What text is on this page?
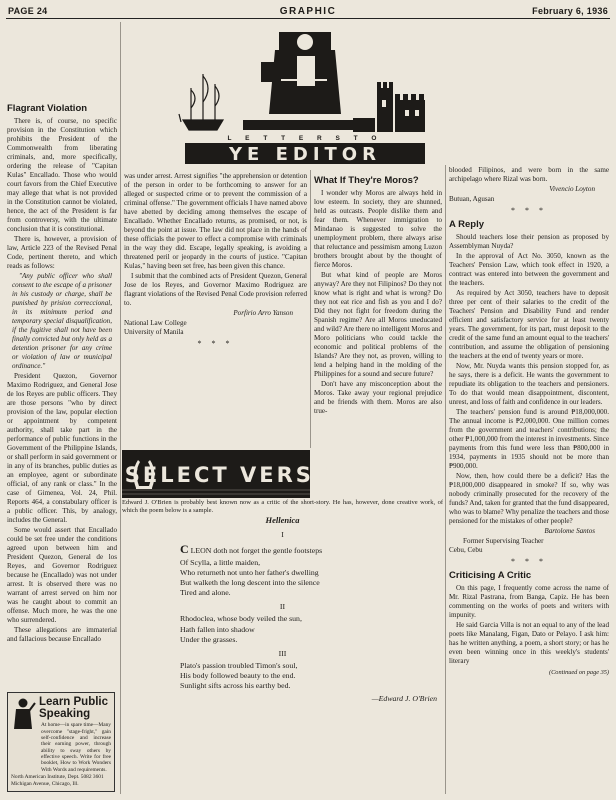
PAGE 24	GRAPHIC	February 6, 1936
L E T T E R S T O
YE EDITOR
Flagrant Violation

There is, of course, no specific provision in the Constitution which prohibits the President of the Commonwealth from liberating criminals, and, more specifically, ordering the release of "Capitan Kulas" Encallado. Those who would court favors from the Chief Executive may allege that what is not provided in the Constitution cannot be violated, hence, the act of the President is far from controversy, with the ultimate conclusion that it is constitutional.

There is, however, a provision of law, Article 223 of the Revised Penal Code, pertinent thereto, and which reads as follows:

"Any public officer who shall consent to the escape of a prisoner in his custody or charge, shall be punished by prision correccional, in its minimum period and temporary special disqualification, if the fugitive shall not have been finally convicted but only held as a detention prisoner for any crime or violation of law or municipal ordinance."

President Quezon, Governor Maximo Rodriguez, and General Jose de los Reyes are public officers. They are those persons "who by direct provision of the law, popular election or appointment by competent authority, shall take part in the performance of public functions in the Government of the Philippine Islands, or shall perform in said government or in any of its branches, public duties as an employee, agent or subordinate official, of any rank or class." In the case of Gimenea, Vol. 24, Phil. Reports 464, a constabulary officer is a public officer. This, by analogy, includes the General.

Some would assert that Encallado could be set free under the conditions agreed upon between him and President Quezon, General de los Reyes, and Governor Rodriguez because he (Encallado) was not under arrest. It is observed there was no warrant of arrest served on him nor was he caught about to commit an offense. Much more, he was the one who surrendered.

These allegations are immaterial and fallacious because Encallado

Learn Public
Speaking
At home—in spare time—Many overcome "stage-fright," gain self-confidence and increase their earning power, through ability to sway others by effective speech. Write for free booklet, How to Work Wonders With Words and requirements.
North American Institute, Dept. 5082 3601 Michigan Avenue, Chicago, Ill.

was under arrest. Arrest signifies "the apprehension or detention of the person in order to be forthcoming to answer for an alleged or suspected crime or to prevent the commission of a criminal offense." The government officials I have named above have abetted by deciding among themselves the escape of Encallado. Whether Encallado returns, as promised, or not, is beyond the point at issue. The law did not place in the hands of these officials the power to effect a compromise with criminals in the way they did. Escape, legally speaking, is avoiding a threatened peril or jeopardy in the courts of justice. "Capitan Kulas," having been set free, has been given this chance.

I submit that the combined acts of President Quezon, General Jose de los Reyes, and Governor Maximo Rodriguez are flagrant violations of the Revised Penal Code provision referred to.

Porfirio Arro Yanson
National Law College
University of Manila
* * *
What If They're Moros?

I wonder why Moros are always held in low esteem. In society, they are shunned, held as outcasts. People dislike them and fear them. Whenever immigration to Mindanao is suggested to solve the unemployment problem, there always arise that reluctance and pessimism among Luzon brothers brought about by the thought of fierce Moros.

But what kind of people are Moros anyway? Are they not Filipinos? Do they not know what is right and what is wrong? Do they not eat rice and fish as you and I do? Did they not fight for freedom during the Spanish regime? Are all Moros uneducated and wild? Are there no intelligent Moros and Moro politicians who could tackle the economic and political problems of the Islands? Are they not, as proven, willing to lend a helping hand in the molding of the Philippines for a sound and secure future?

Don't have any misconception about the Moros. Take away your regional prejudice and be friends with them. Moros are also true-

SELECT VERSE
Edward J. O'Brien is probably best known now as a critic of the short-story. He has, however, done creative work, of which the poem below is a sample.
Hellenica
I
C LEON doth not forget the gentle footsteps
Of Scylla, a little maiden,
Who returneth not unto her father's dwelling
But walketh the long descent into the silence
Tired and alone.
II
Rhodoclea, whose body veiled the sun,
Hath fallen into shadow
Under the grasses.
III
Plato's passion troubled Timon's soul,
His body followed beauty to the end.
Sunlight sifts across his earthy bed.
—Edward J. O'Brien

blooded Filipinos, and were born in the same archipelago where Rizal was born.

Vivencio Loyton
Butuan, Agusan
* * *
A Reply

Should teachers lose their pension as proposed by Assemblyman Nuyda?

In the approval of Act No. 3050, known as the Teachers' Pension Law, which took effect in 1920, a contract was entered into between the government and the teachers.

As required by Act 3050, teachers have to deposit three per cent of their salaries to the credit of the Teachers' Pension and Disability Fund and render efficient and satisfactory service for at least twenty years. The government, for its part, must deposit to the credit of the same fund an amount equal to the teachers' contribution, and assume the obligation of pensioning the teachers at the end of twenty years or more.

Now, Mr. Nuyda wants this pension stopped for, as he says, there is a deficit. He wants the government to repudiate its obligation to the teachers and pensioners. To do that would mean disappointment, discontent, unrest, and loss of faith and confidence in our leaders.

The teachers' pension fund is around ₱18,000,000. The annual income is ₱2,000,000. One million comes from the government and teachers' contributions; the other ₱1,000,000 from the interest in investments. Since payments from this fund were less than ₱800,000 in 1934, payments in 1935 should not be more than ₱900,000.

Now, then, how could there be a deficit? Has the ₱18,000,000 disappeared in smoke? If so, why was nobody criminally prosecuted for the recovery of the funds? And, taken for granted that the fund disappeared, who was to blame? Why penalize the teachers and those pensioned for the mistakes of other people?

Bartolome Santos
Former Supervising Teacher
Cebu, Cebu
* * *
Criticising A Critic

On this page, I frequently come across the name of Mr. Rizal Pastrana, from Banga, Capiz. He has been commenting on the works of poets and writers with impunity.

He said Garcia Villa is not an equal to any of the lead poets like Manalang, Figan, Dato or Pelayo. I ask him: has he written anything, a poem, a short story; or has he even been winning once in this weekly's students' literary

(Continued on page 35)
